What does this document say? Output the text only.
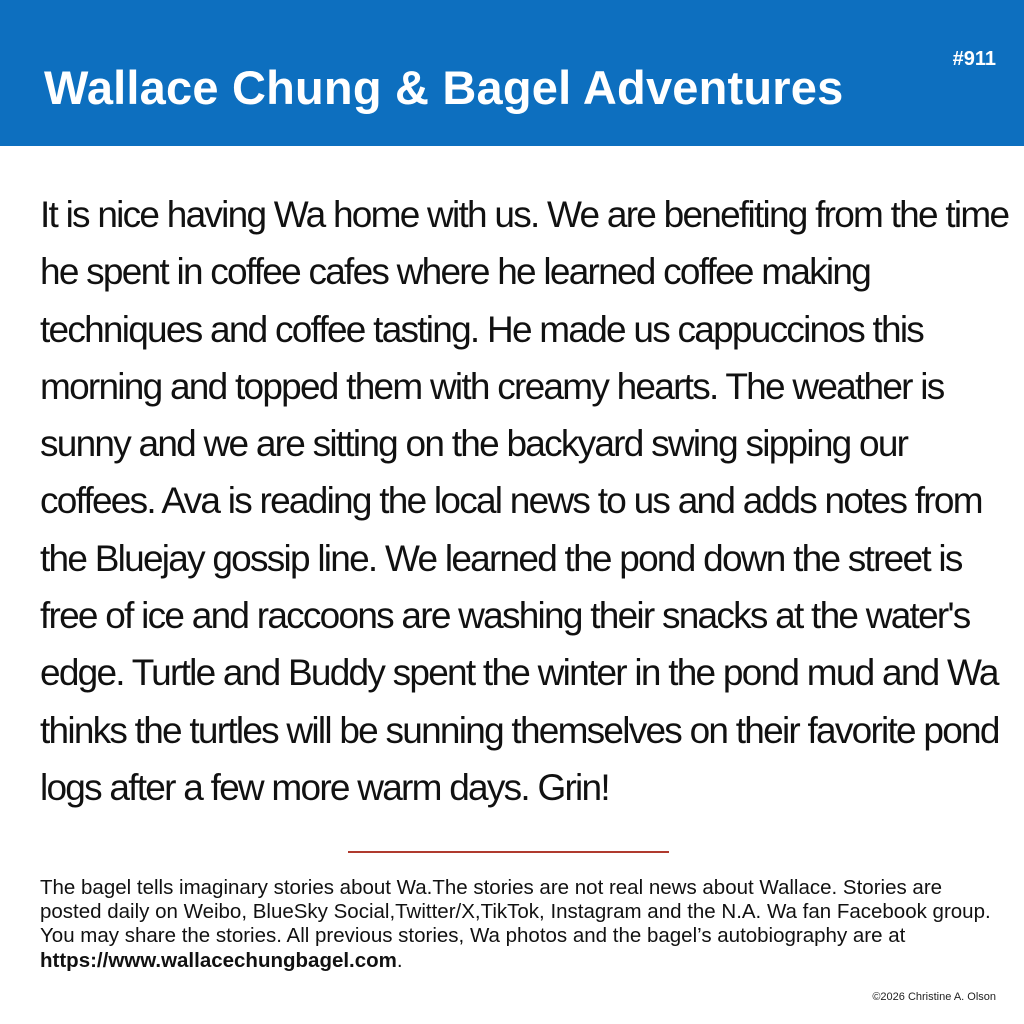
Wallace Chung & Bagel Adventures
#911

It is nice having Wa home with us. We are benefiting from the time he spent in coffee cafes where he learned coffee making techniques and coffee tasting. He made us cappuccinos this morning and topped them with creamy hearts. The weather is sunny and we are sitting on the backyard swing sipping our coffees. Ava is reading the local news to us and adds notes from the Bluejay gossip line. We learned the pond down the street is free of ice and raccoons are washing their snacks at the water's edge. Turtle and Buddy spent the winter in the pond mud and Wa thinks the turtles will be sunning themselves on their favorite pond logs after a few more warm days. Grin!

The bagel tells imaginary stories about Wa.The stories are not real news about Wallace. Stories are posted daily on Weibo, BlueSky Social,Twitter/X,TikTok, Instagram and the N.A. Wa fan Facebook group. You may share the stories. All previous stories, Wa photos and the bagel’s autobiography are at https://www.wallacechungbagel.com.

©2026 Christine A. Olson
